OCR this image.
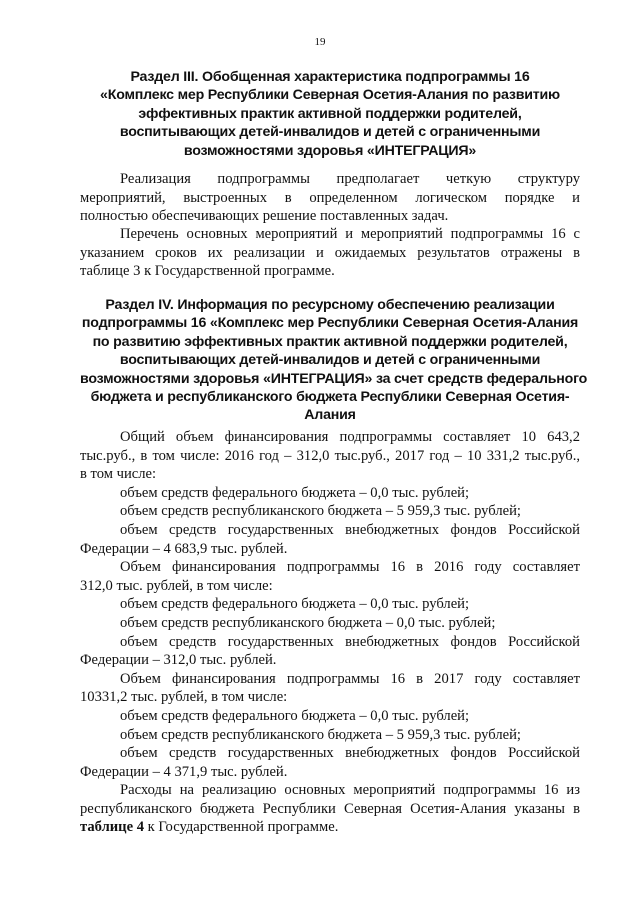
19
Раздел III. Обобщенная характеристика подпрограммы 16
«Комплекс мер Республики Северная Осетия-Алания по развитию
эффективных практик активной поддержки родителей,
воспитывающих детей-инвалидов и детей с ограниченными
возможностями здоровья «ИНТЕГРАЦИЯ»
Реализация подпрограммы предполагает четкую структуру
мероприятий, выстроенных в определенном логическом порядке и
полностью обеспечивающих решение поставленных задач.
Перечень основных мероприятий и мероприятий подпрограммы 16 с
указанием сроков их реализации и ожидаемых результатов отражены в
таблице 3 к Государственной программе.
Раздел IV. Информация по ресурсному обеспечению реализации
подпрограммы 16 «Комплекс мер Республики Северная Осетия-Алания
по развитию эффективных практик активной поддержки родителей,
воспитывающих детей-инвалидов и детей с ограниченными
возможностями здоровья «ИНТЕГРАЦИЯ» за счет средств федерального
бюджета и республиканского бюджета Республики Северная Осетия-
Алания
Общий объем финансирования подпрограммы составляет 10 643,2
тыс.руб., в том числе: 2016 год – 312,0 тыс.руб., 2017 год – 10 331,2 тыс.руб.,
в том числе:
объем средств федерального бюджета – 0,0 тыс. рублей;
объем средств республиканского бюджета – 5 959,3 тыс. рублей;
объем средств государственных внебюджетных фондов Российской
Федерации – 4 683,9 тыс. рублей.
Объем финансирования подпрограммы 16 в 2016 году составляет
312,0 тыс. рублей, в том числе:
объем средств федерального бюджета – 0,0 тыс. рублей;
объем средств республиканского бюджета – 0,0 тыс. рублей;
объем средств государственных внебюджетных фондов Российской
Федерации – 312,0 тыс. рублей.
Объем финансирования подпрограммы 16 в 2017 году составляет
10331,2 тыс. рублей, в том числе:
объем средств федерального бюджета – 0,0 тыс. рублей;
объем средств республиканского бюджета – 5 959,3 тыс. рублей;
объем средств государственных внебюджетных фондов Российской
Федерации – 4 371,9 тыс. рублей.
Расходы на реализацию основных мероприятий подпрограммы 16 из
республиканского бюджета Республики Северная Осетия-Алания указаны в
таблице 4 к Государственной программе.
